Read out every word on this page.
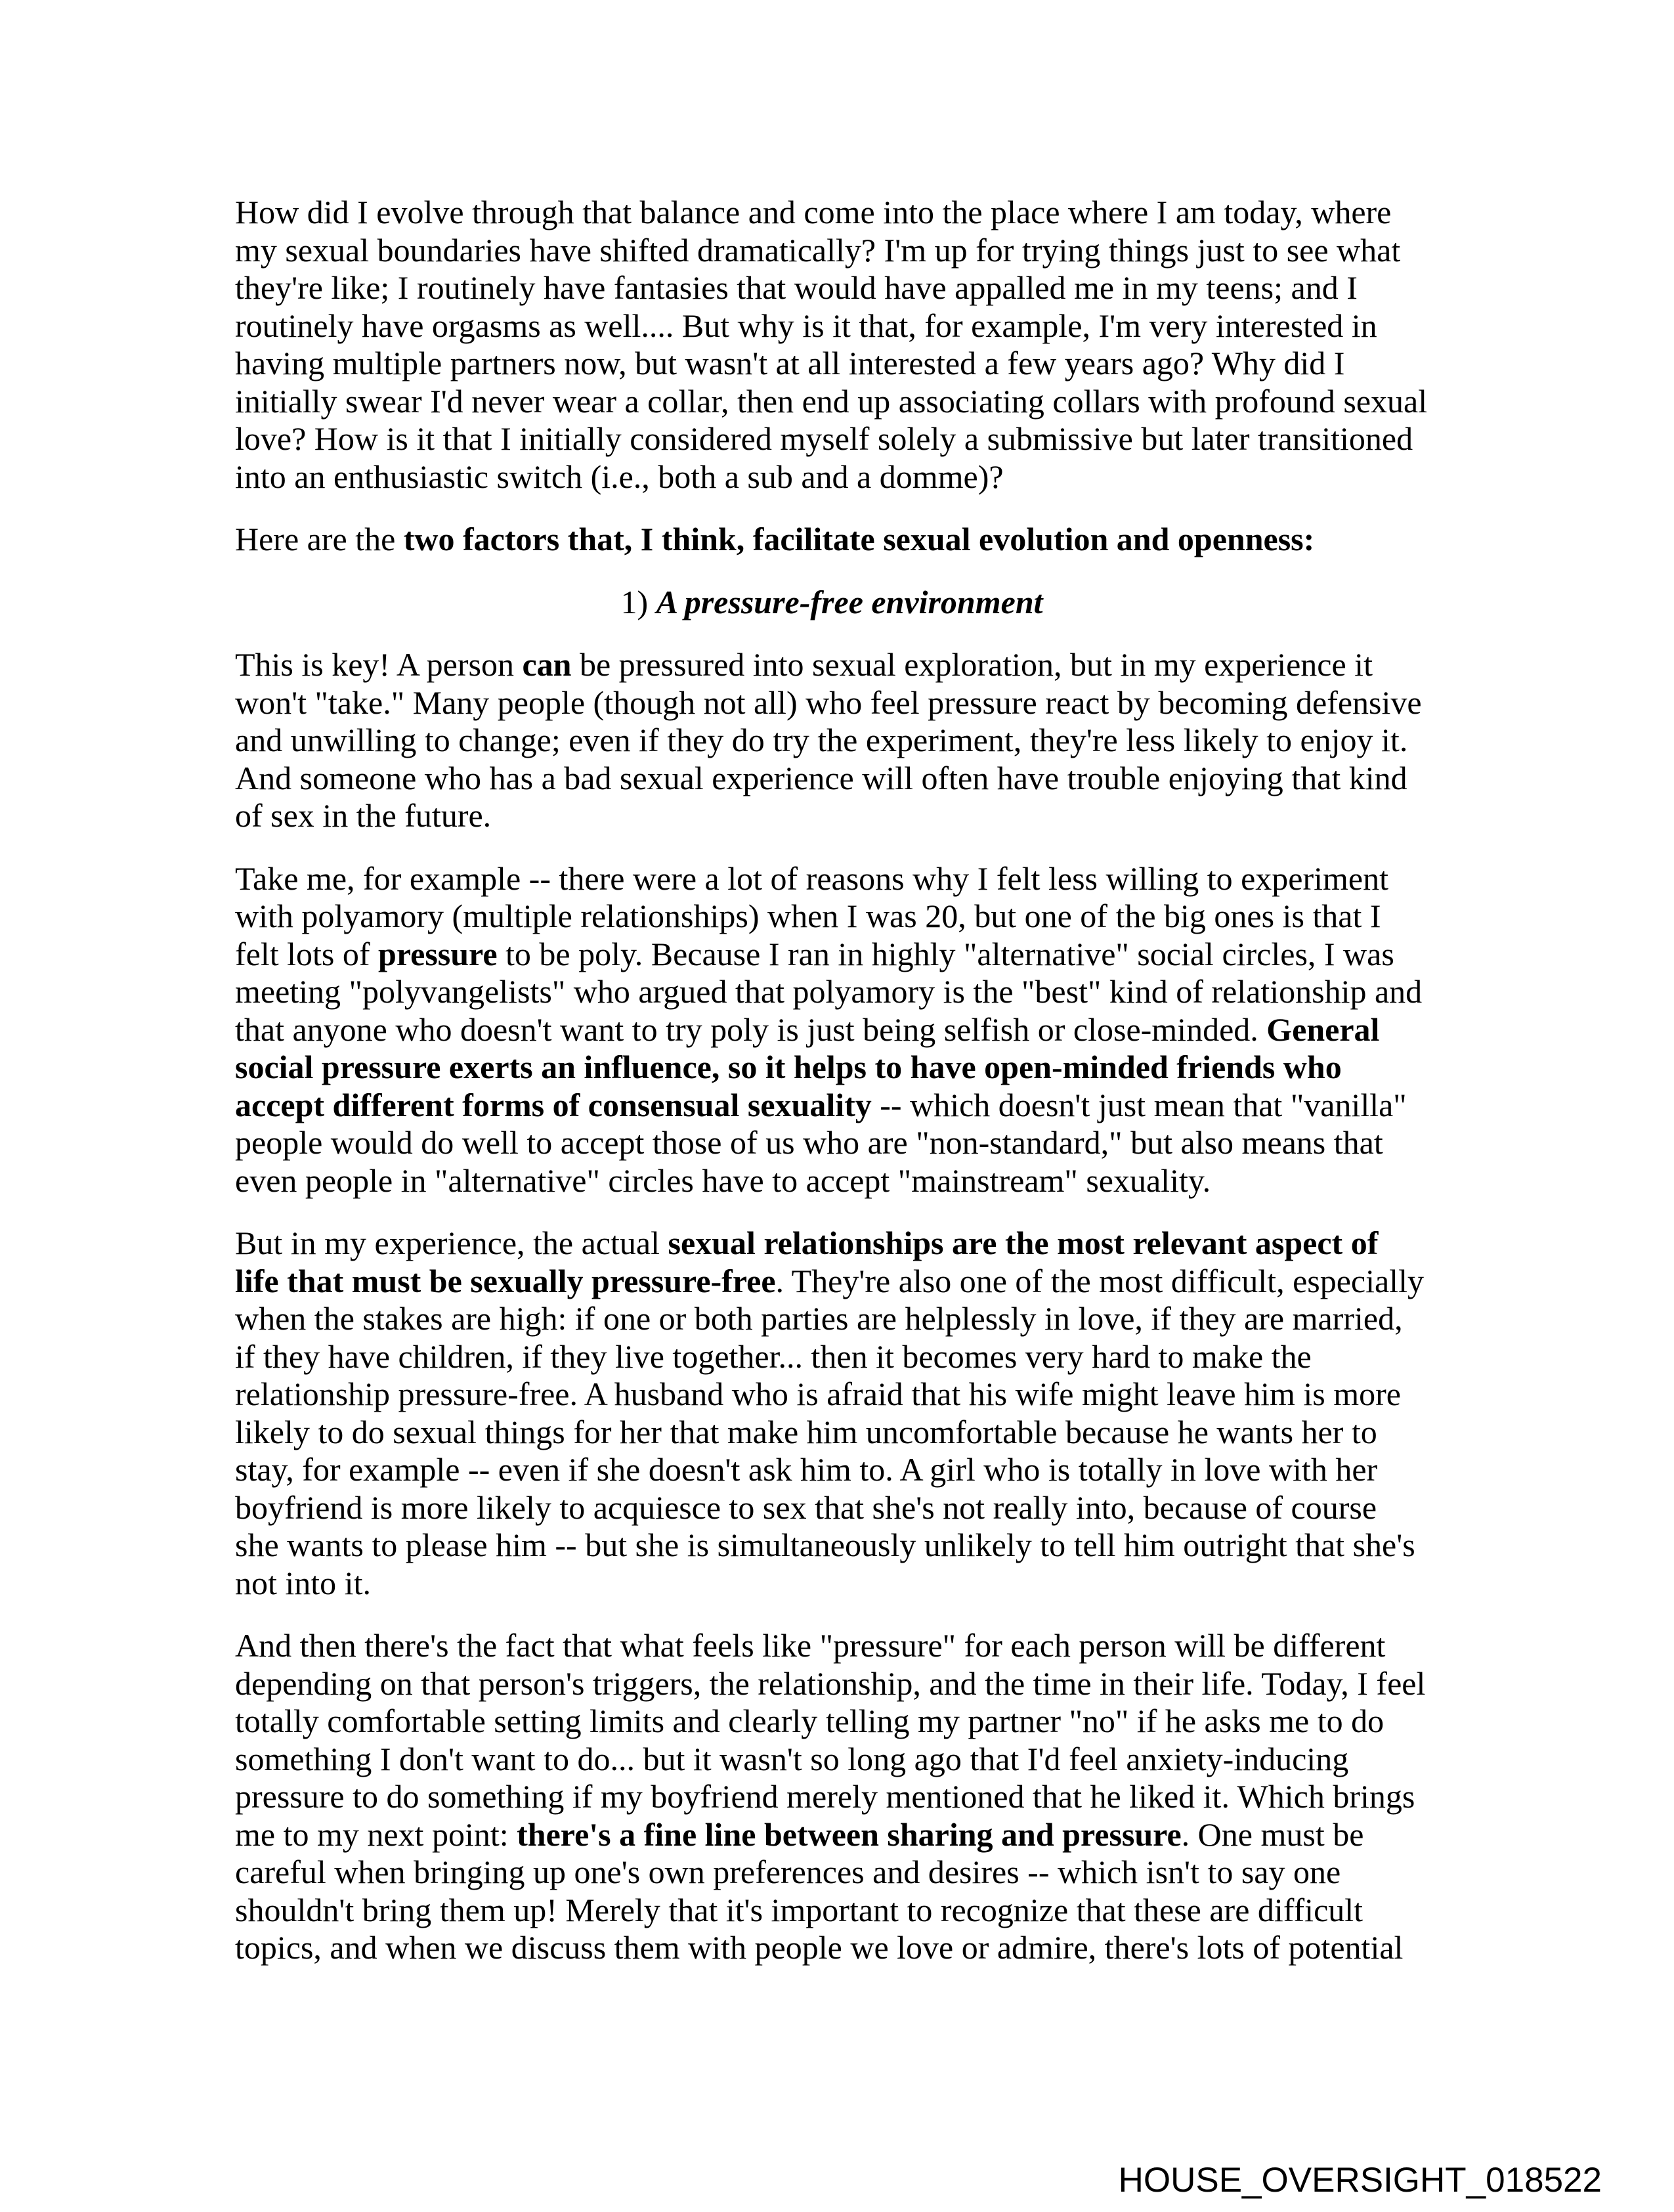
How did I evolve through that balance and come into the place where I am today, where my sexual boundaries have shifted dramatically? I'm up for trying things just to see what they're like; I routinely have fantasies that would have appalled me in my teens; and I routinely have orgasms as well.... But why is it that, for example, I'm very interested in having multiple partners now, but wasn't at all interested a few years ago? Why did I initially swear I'd never wear a collar, then end up associating collars with profound sexual love? How is it that I initially considered myself solely a submissive but later transitioned into an enthusiastic switch (i.e., both a sub and a domme)?

Here are the two factors that, I think, facilitate sexual evolution and openness:

1) A pressure-free environment

This is key! A person can be pressured into sexual exploration, but in my experience it won't "take." Many people (though not all) who feel pressure react by becoming defensive and unwilling to change; even if they do try the experiment, they're less likely to enjoy it. And someone who has a bad sexual experience will often have trouble enjoying that kind of sex in the future.

Take me, for example -- there were a lot of reasons why I felt less willing to experiment with polyamory (multiple relationships) when I was 20, but one of the big ones is that I felt lots of pressure to be poly. Because I ran in highly "alternative" social circles, I was meeting "polyvangelists" who argued that polyamory is the "best" kind of relationship and that anyone who doesn't want to try poly is just being selfish or close-minded. General social pressure exerts an influence, so it helps to have open-minded friends who accept different forms of consensual sexuality -- which doesn't just mean that "vanilla" people would do well to accept those of us who are "non-standard," but also means that even people in "alternative" circles have to accept "mainstream" sexuality.

But in my experience, the actual sexual relationships are the most relevant aspect of life that must be sexually pressure-free. They're also one of the most difficult, especially when the stakes are high: if one or both parties are helplessly in love, if they are married, if they have children, if they live together... then it becomes very hard to make the relationship pressure-free. A husband who is afraid that his wife might leave him is more likely to do sexual things for her that make him uncomfortable because he wants her to stay, for example -- even if she doesn't ask him to. A girl who is totally in love with her boyfriend is more likely to acquiesce to sex that she's not really into, because of course she wants to please him -- but she is simultaneously unlikely to tell him outright that she's not into it.

And then there's the fact that what feels like "pressure" for each person will be different depending on that person's triggers, the relationship, and the time in their life. Today, I feel totally comfortable setting limits and clearly telling my partner "no" if he asks me to do something I don't want to do... but it wasn't so long ago that I'd feel anxiety-inducing pressure to do something if my boyfriend merely mentioned that he liked it. Which brings me to my next point: there's a fine line between sharing and pressure. One must be careful when bringing up one's own preferences and desires -- which isn't to say one shouldn't bring them up! Merely that it's important to recognize that these are difficult topics, and when we discuss them with people we love or admire, there's lots of potential

HOUSE_OVERSIGHT_018522
